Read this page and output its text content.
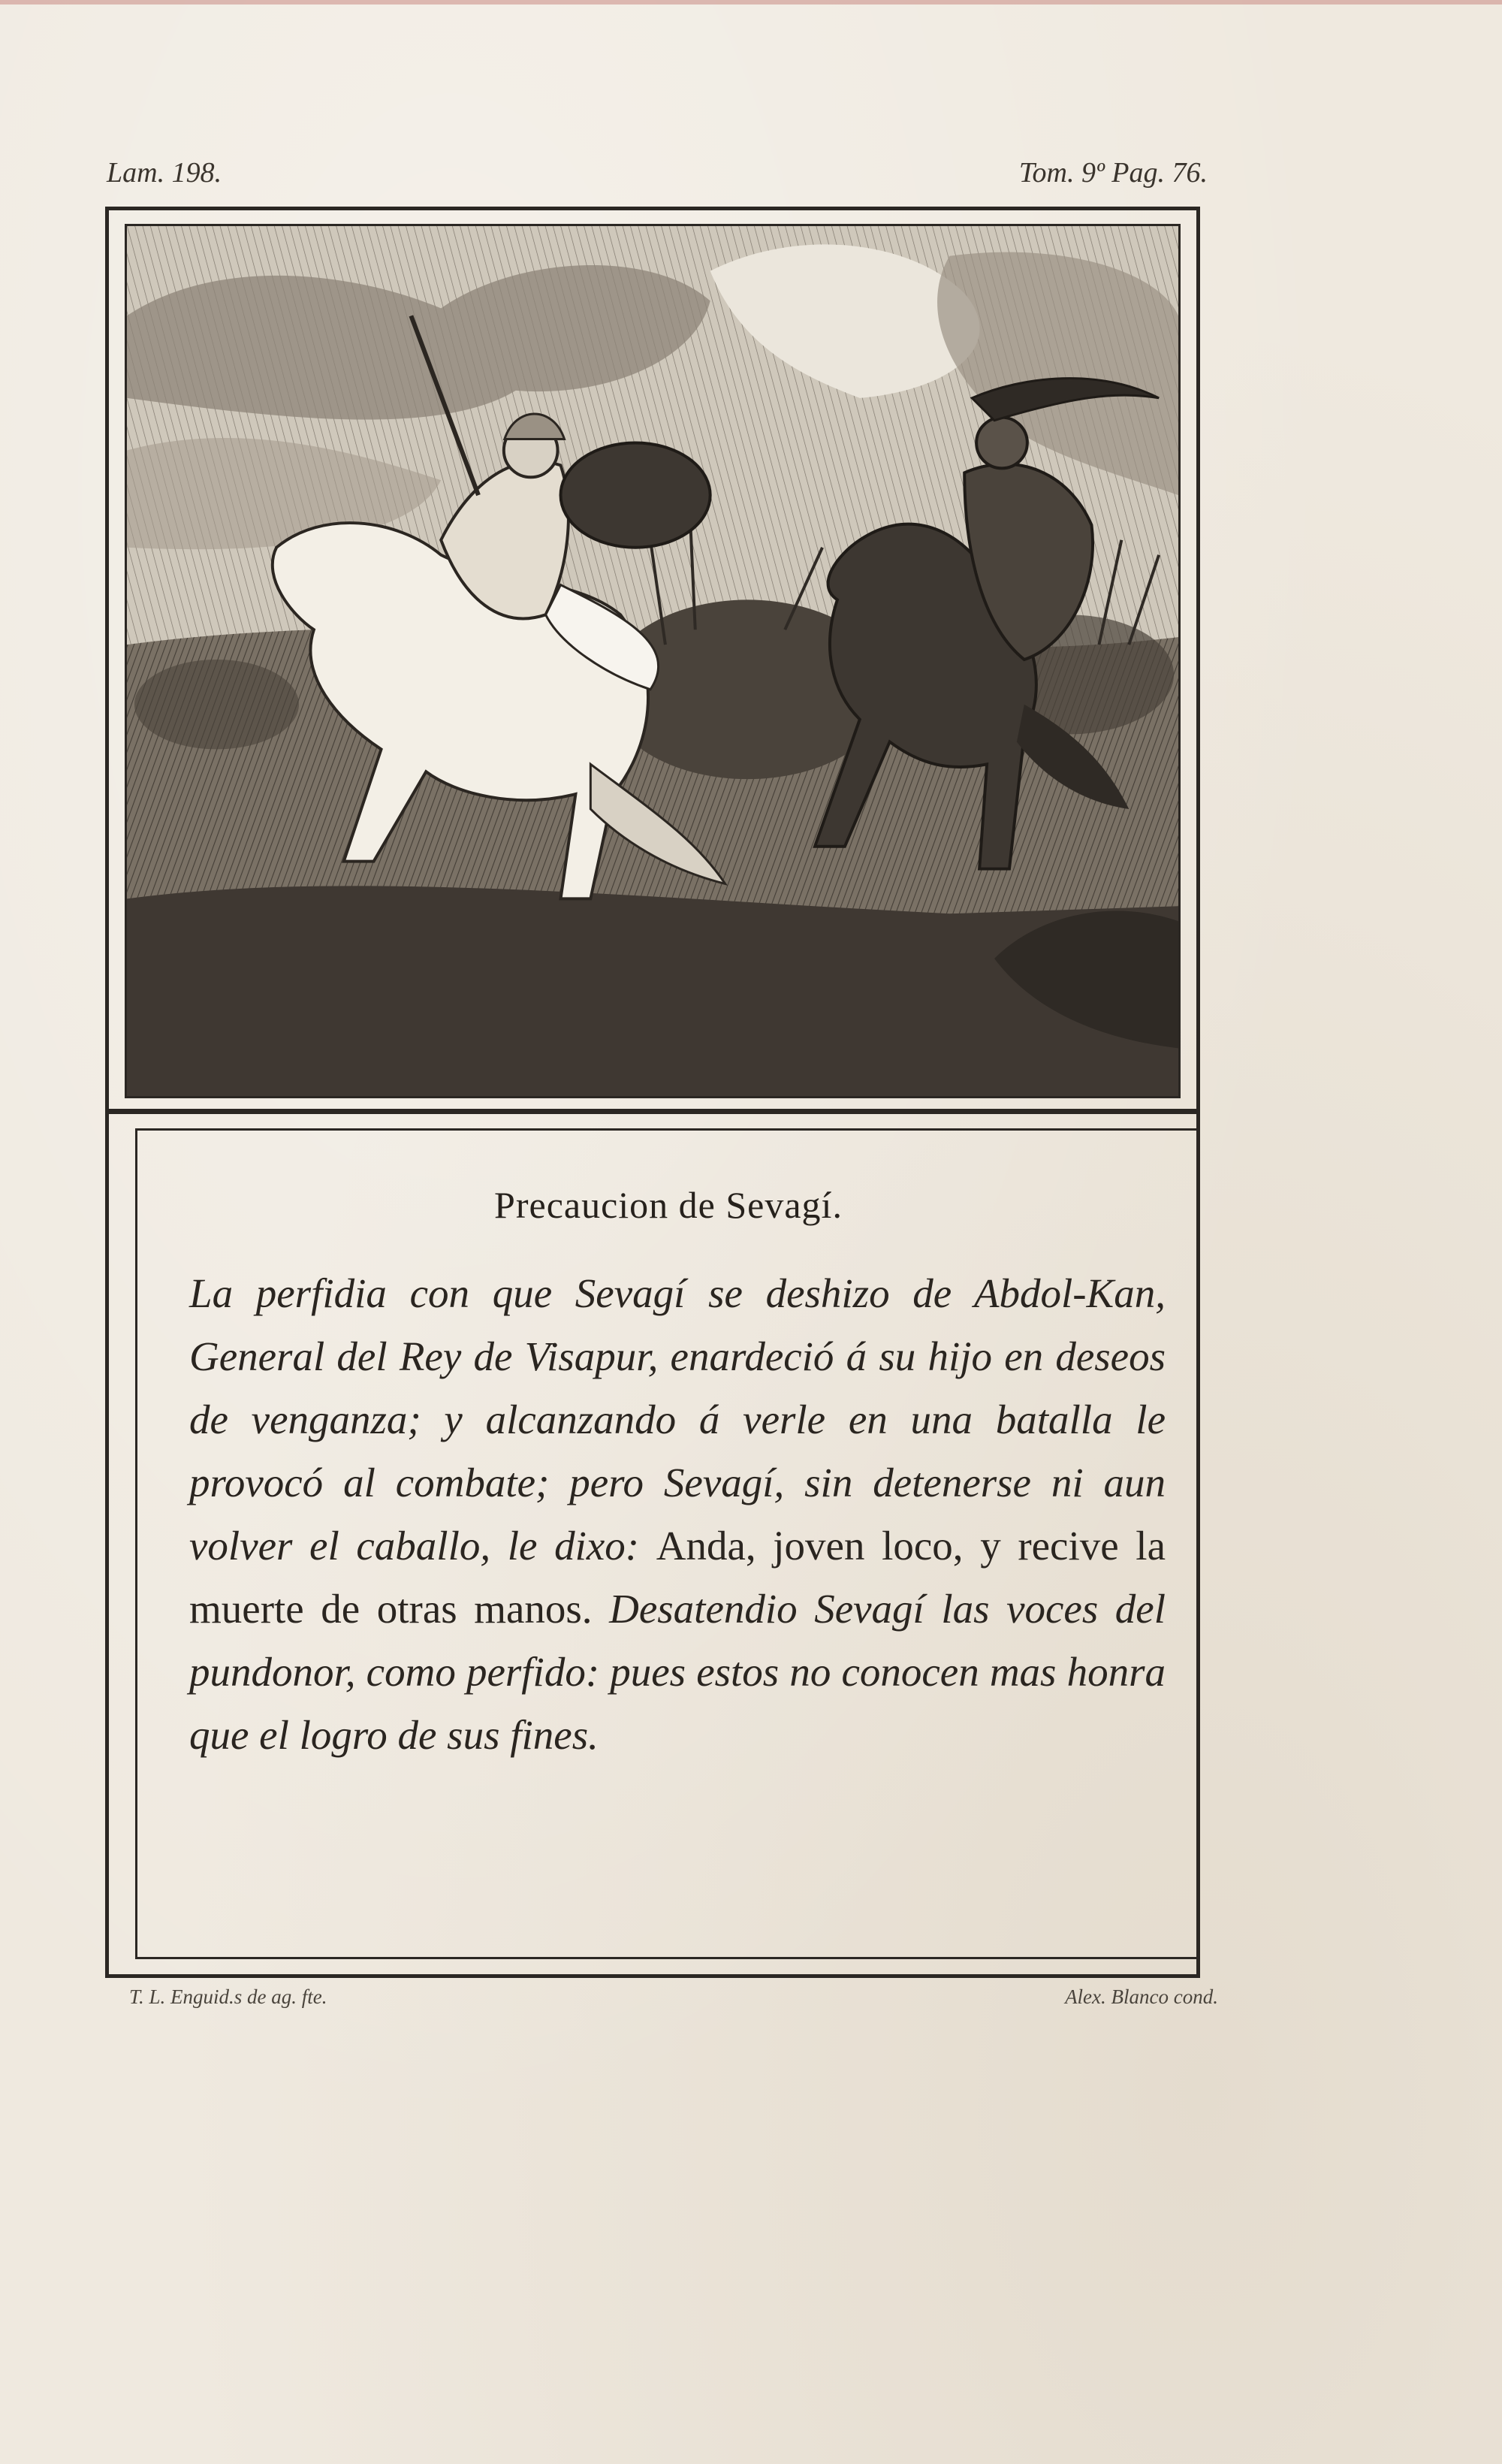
Lam. 198.	Tom. 9º Pag. 76.
Precaucion de Sevagí.
La perfidia con que Sevagí se deshizo de Abdol-Kan, General del Rey de Visapur, enardeció á su hijo en deseos de venganza; y alcanzando á verle en una batalla le provocó al combate; pero Sevagí, sin detenerse ni aun volver el caballo, le dixo: Anda, joven loco, y recive la muerte de otras manos. Desatendio Sevagí las voces del pundonor, como perfido: pues estos no conocen mas honra que el logro de sus fines.
T. L. Enguid.s de ag. fte.	Alex. Blanco cond.
